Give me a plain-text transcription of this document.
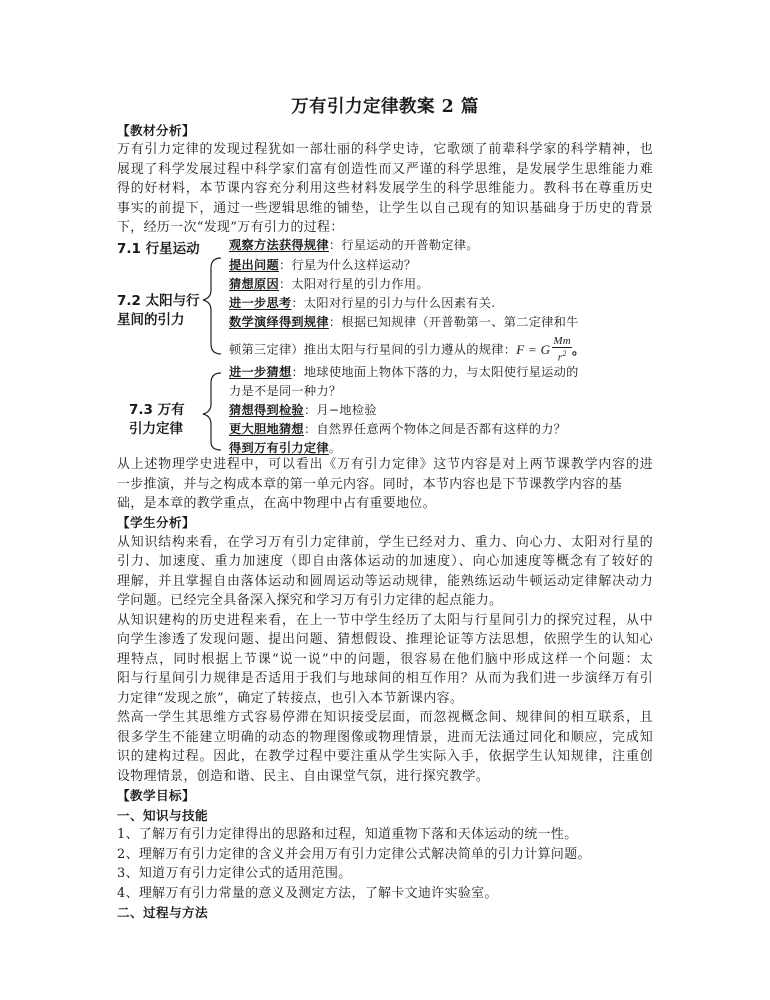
万有引力定律教案 2 篇
【教材分析】
万有引力定律的发现过程犹如一部壮丽的科学史诗，它歌颂了前辈科学家的科学精神，也
展现了科学发展过程中科学家们富有创造性而又严谨的科学思维，是发展学生思维能力难
得的好材料，本节课内容充分利用这些材料发展学生的科学思维能力。教科书在尊重历史
事实的前提下，通过一些逻辑思维的铺垫，让学生以自己现有的知识基础身于历史的背景
下，经历一次“发现”万有引力的过程：
7.1 行星运动
7.2 太阳与行
星间的引力
7.3 万有
引力定律
观察方法获得规律：行星运动的开普勒定律。
提出问题：行星为什么这样运动？
猜想原因：太阳对行星的引力作用。
进一步思考：太阳对行星的引力与什么因素有关.
数学演绎得到规律：根据已知规律（开普勒第一、第二定律和牛
顿第三定律）推出太阳与行星间的引力遵从的规律： F = G $\frac{Mm}{r^2}$ 。
进一步猜想：地球使地面上物体下落的力，与太阳使行星运动的
力是不是同一种力？
猜想得到检验：月−地检验
更大胆地猜想：自然界任意两个物体之间是否都有这样的力？
得到万有引力定律。
从上述物理学史进程中，可以看出《万有引力定律》这节内容是对上两节课教学内容的进
一步推演，并与之构成本章的第一单元内容。同时，本节内容也是下节课教学内容的基
础，是本章的教学重点，在高中物理中占有重要地位。
【学生分析】
从知识结构来看，在学习万有引力定律前，学生已经对力、重力、向心力、太阳对行星的
引力、加速度、重力加速度（即自由落体运动的加速度）、向心加速度等概念有了较好的
理解，并且掌握自由落体运动和圆周运动等运动规律，能熟练运动牛顿运动定律解决动力
学问题。已经完全具备深入探究和学习万有引力定律的起点能力。
从知识建构的历史进程来看，在上一节中学生经历了太阳与行星间引力的探究过程，从中
向学生渗透了发现问题、提出问题、猜想假设、推理论证等方法思想，依照学生的认知心
理特点，同时根据上节课“说一说”中的问题，很容易在他们脑中形成这样一个问题：太
阳与行星间引力规律是否适用于我们与地球间的相互作用？从而为我们进一步演绎万有引
力定律“发现之旅”，确定了转接点，也引入本节新课内容。
然高一学生其思维方式容易停滞在知识接受层面，而忽视概念间、规律间的相互联系，且
很多学生不能建立明确的动态的物理图像或物理情景，进而无法通过同化和顺应，完成知
识的建构过程。因此，在教学过程中要注重从学生实际入手，依据学生认知规律，注重创
设物理情景，创造和谐、民主、自由课堂气氛，进行探究教学。
【教学目标】
一、知识与技能
1、了解万有引力定律得出的思路和过程，知道重物下落和天体运动的统一性。
2、理解万有引力定律的含义并会用万有引力定律公式解决简单的引力计算问题。
3、知道万有引力定律公式的适用范围。
4、理解万有引力常量的意义及测定方法，了解卡文迪许实验室。
二、过程与方法
